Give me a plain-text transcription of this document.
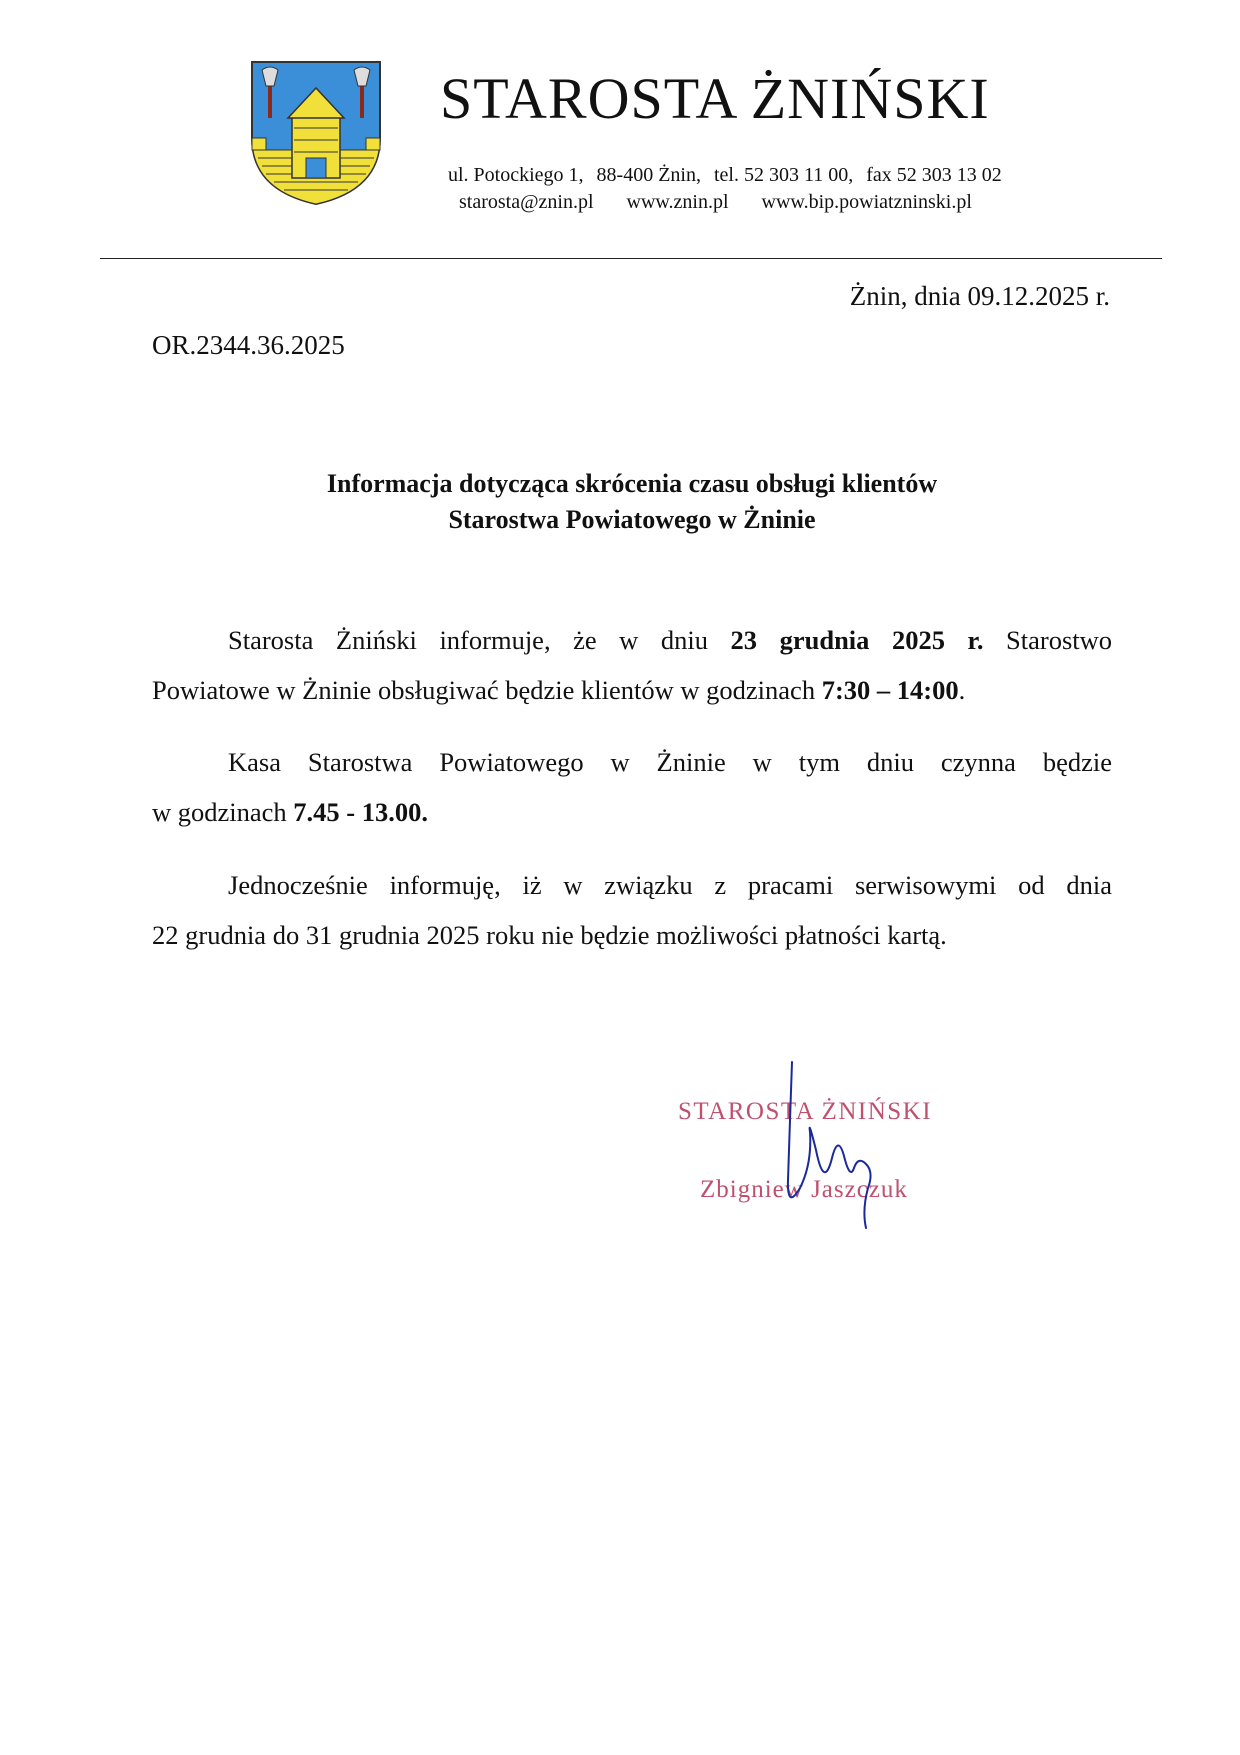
STAROSTA ŻNIŃSKI
ul. Potockiego 1, 88-400 Żnin, tel. 52 303 11 00, fax 52 303 13 02
starosta@znin.pl www.znin.pl www.bip.powiatzninski.pl
Żnin, dnia 09.12.2025 r.
OR.2344.36.2025
Informacja dotycząca skrócenia czasu obsługi klientów
Starostwa Powiatowego w Żninie
Starosta Żniński informuje, że w dniu 23 grudnia 2025 r. Starostwo
Powiatowe w Żninie obsługiwać będzie klientów w godzinach 7:30 – 14:00.
Kasa Starostwa Powiatowego w Żninie w tym dniu czynna będzie
w godzinach 7.45 - 13.00.
Jednocześnie informuję, iż w związku z pracami serwisowymi od dnia
22 grudnia do 31 grudnia 2025 roku nie będzie możliwości płatności kartą.
STAROSTA ŻNIŃSKI
Zbigniew Jaszczuk
